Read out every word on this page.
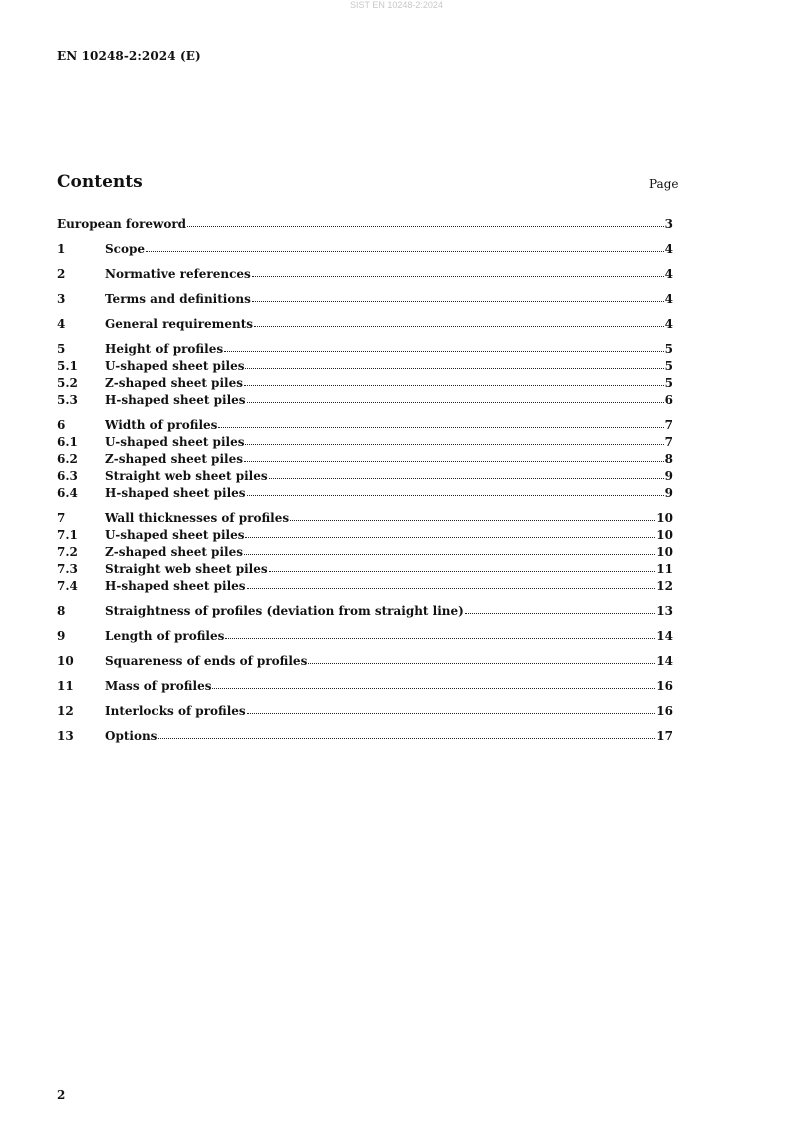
SIST EN 10248-2:2024
EN 10248-2:2024 (E)
Contents	Page
European foreword	3
1	Scope	4
2	Normative references	4
3	Terms and definitions	4
4	General requirements	4
5	Height of profiles	5
5.1	U-shaped sheet piles	5
5.2	Z-shaped sheet piles	5
5.3	H-shaped sheet piles	6
6	Width of profiles	7
6.1	U-shaped sheet piles	7
6.2	Z-shaped sheet piles	8
6.3	Straight web sheet piles	9
6.4	H-shaped sheet piles	9
7	Wall thicknesses of profiles	10
7.1	U-shaped sheet piles	10
7.2	Z-shaped sheet piles	10
7.3	Straight web sheet piles	11
7.4	H-shaped sheet piles	12
8	Straightness of profiles (deviation from straight line)	13
9	Length of profiles	14
10	Squareness of ends of profiles	14
11	Mass of profiles	16
12	Interlocks of profiles	16
13	Options	17
2
